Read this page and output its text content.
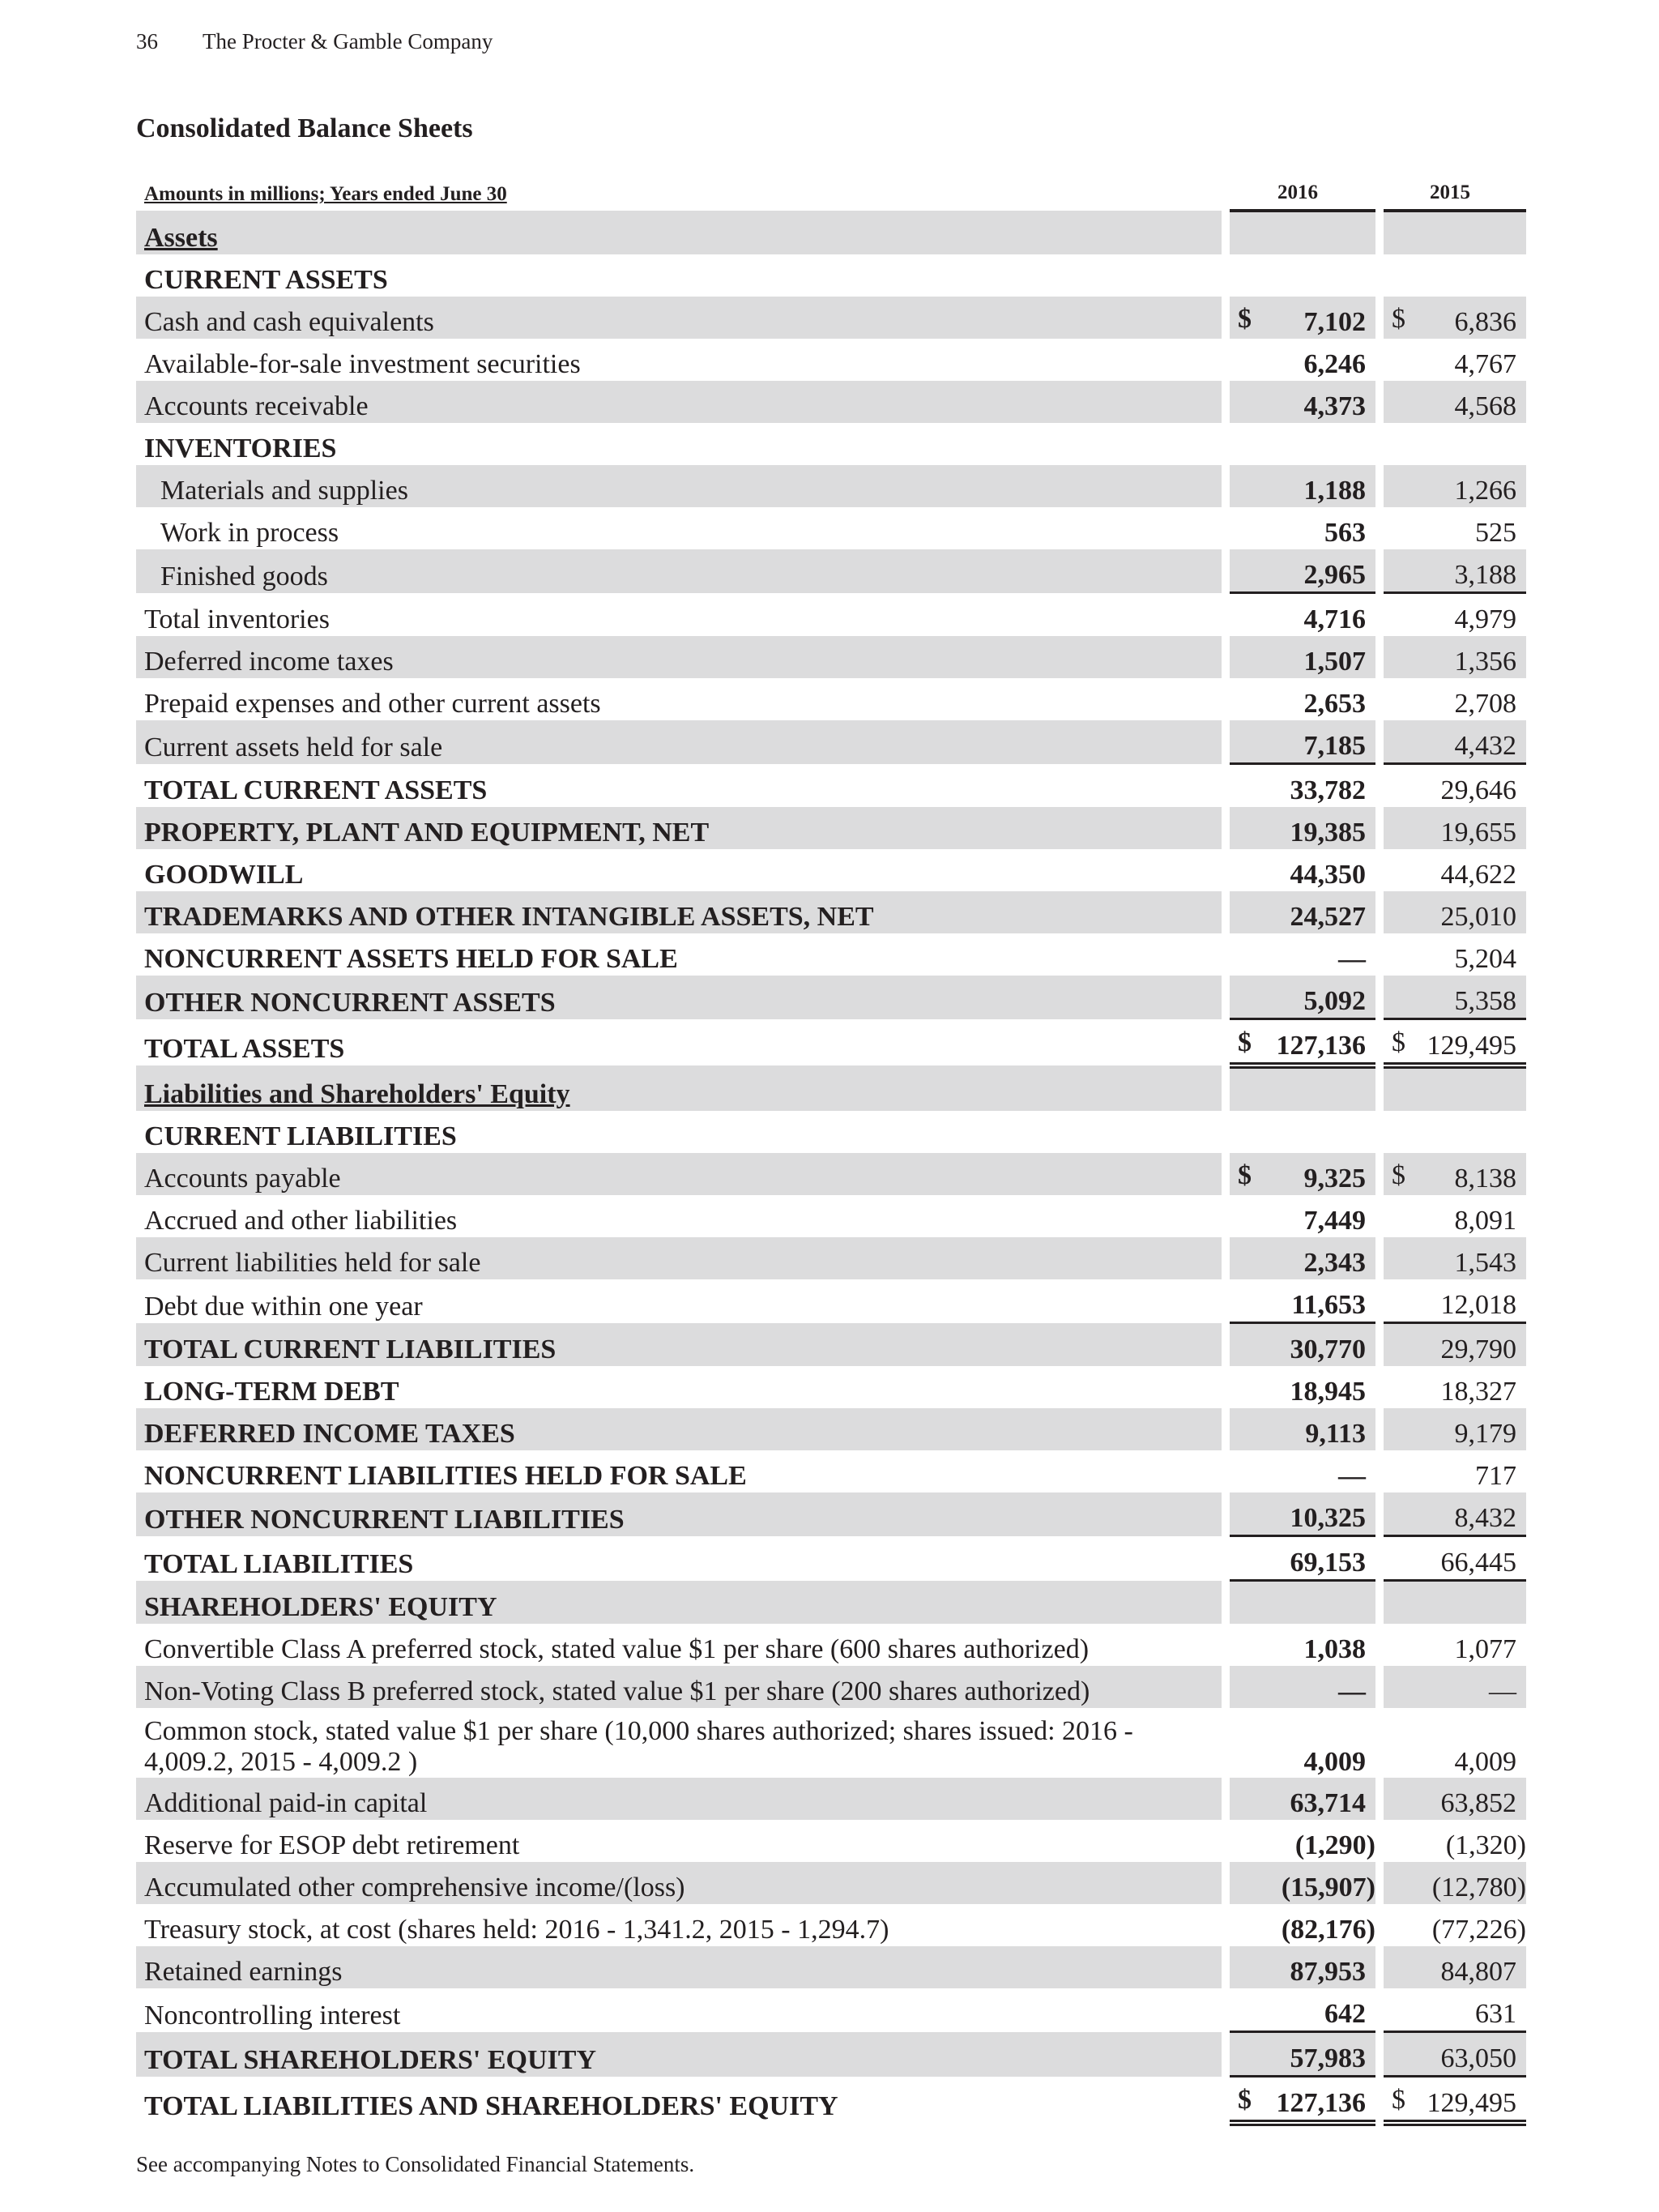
36 The Procter & Gamble Company
Consolidated Balance Sheets
Amounts in millions; Years ended June 30		2016		2015
Assets				
CURRENT ASSETS				
Cash and cash equivalents		$ 7,102		$ 6,836
Available-for-sale investment securities		6,246		4,767
Accounts receivable		4,373		4,568
INVENTORIES				
Materials and supplies		1,188		1,266
Work in process		563		525
Finished goods		2,965		3,188
Total inventories		4,716		4,979
Deferred income taxes		1,507		1,356
Prepaid expenses and other current assets		2,653		2,708
Current assets held for sale		7,185		4,432
TOTAL CURRENT ASSETS		33,782		29,646
PROPERTY, PLANT AND EQUIPMENT, NET		19,385		19,655
GOODWILL		44,350		44,622
TRADEMARKS AND OTHER INTANGIBLE ASSETS, NET		24,527		25,010
NONCURRENT ASSETS HELD FOR SALE		—		5,204
OTHER NONCURRENT ASSETS		5,092		5,358
TOTAL ASSETS		$ 127,136		$ 129,495
Liabilities and Shareholders' Equity				
CURRENT LIABILITIES				
Accounts payable		$ 9,325		$ 8,138
Accrued and other liabilities		7,449		8,091
Current liabilities held for sale		2,343		1,543
Debt due within one year		11,653		12,018
TOTAL CURRENT LIABILITIES		30,770		29,790
LONG-TERM DEBT		18,945		18,327
DEFERRED INCOME TAXES		9,113		9,179
NONCURRENT LIABILITIES HELD FOR SALE		—		717
OTHER NONCURRENT LIABILITIES		10,325		8,432
TOTAL LIABILITIES		69,153		66,445
SHAREHOLDERS' EQUITY				
Convertible Class A preferred stock, stated value $1 per share (600 shares authorized)		1,038		1,077
Non-Voting Class B preferred stock, stated value $1 per share (200 shares authorized)		—		—
Common stock, stated value $1 per share (10,000 shares authorized; shares issued: 2016 - 4,009.2, 2015 - 4,009.2 )		4,009		4,009
Additional paid-in capital		63,714		63,852
Reserve for ESOP debt retirement		(1,290)		(1,320)
Accumulated other comprehensive income/(loss)		(15,907)		(12,780)
Treasury stock, at cost (shares held: 2016 - 1,341.2, 2015 - 1,294.7)		(82,176)		(77,226)
Retained earnings		87,953		84,807
Noncontrolling interest		642		631
TOTAL SHAREHOLDERS' EQUITY		57,983		63,050
TOTAL LIABILITIES AND SHAREHOLDERS' EQUITY		$ 127,136		$ 129,495
See accompanying Notes to Consolidated Financial Statements.
